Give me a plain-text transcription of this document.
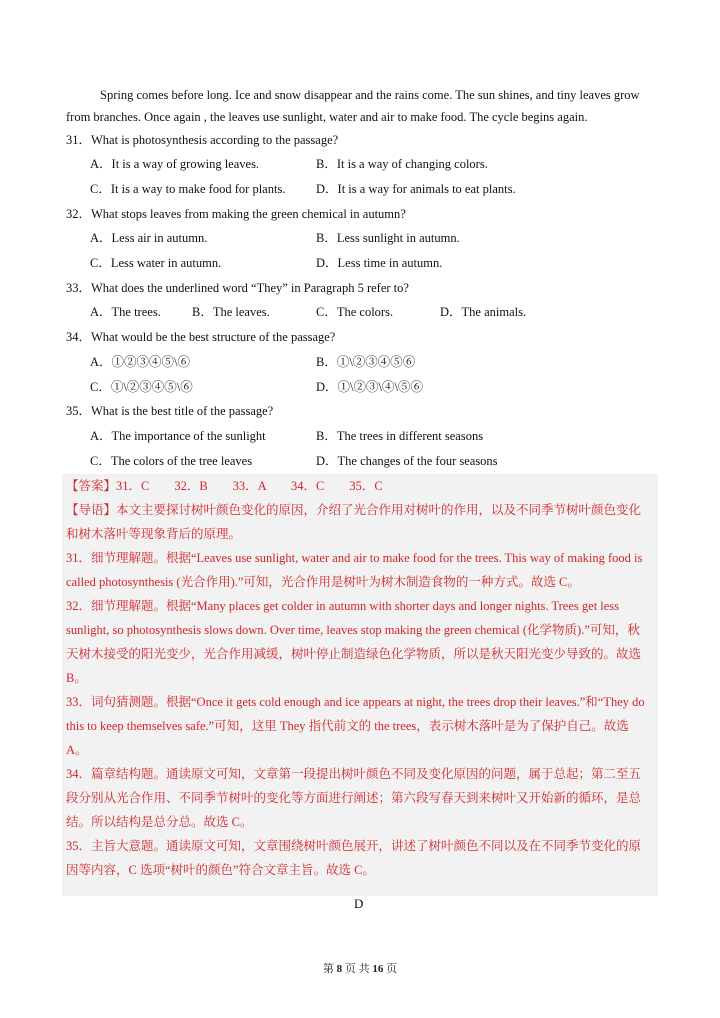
Spring comes before long. Ice and snow disappear and the rains come. The sun shines, and tiny leaves grow

from branches. Once again , the leaves use sunlight, water and air to make food. The cycle begins again.

31．What is photosynthesis according to the passage?
A．It is a way of growing leaves.	B．It is a way of changing colors.
C．It is a way to make food for plants. D．It is a way for animals to eat plants.
32．What stops leaves from making the green chemical in autumn?
A．Less air in autumn.	B．Less sunlight in autumn.
C．Less water in autumn.	D．Less time in autumn.
33．What does the underlined word “They” in Paragraph 5 refer to?
A．The trees. B．The leaves.	C．The colors.	D．The animals.
34．What would be the best structure of the passage?
A．①②③④⑤\⑥	B．①\②③④⑤⑥
C．①\②③④⑤\⑥	D．①\②③\④\⑤⑥
35．What is the best title of the passage?
A．The importance of the sunlight	B．The trees in different seasons
C．The colors of the tree leaves	D．The changes of the four seasons

【答案】31．C　　32．B　　33．A　　34．C　　35．C

【导语】本文主要探讨树叶颜色变化的原因，介绍了光合作用对树叶的作用，以及不同季节树叶颜色变化

和树木落叶等现象背后的原理。

31．细节理解题。根据“Leaves use sunlight, water and air to make food for the trees. This way of making food is

called photosynthesis (光合作用).”可知，光合作用是树叶为树木制造食物的一种方式。故选 C。

32．细节理解题。根据“Many places get colder in autumn with shorter days and longer nights. Trees get less

sunlight, so photosynthesis slows down. Over time, leaves stop making the green chemical (化学物质).”可知，秋

天树木接受的阳光变少，光合作用减缓，树叶停止制造绿色化学物质，所以是秋天阳光变少导致的。故选

B。

33．词句猜测题。根据“Once it gets cold enough and ice appears at night, the trees drop their leaves.”和“They do

this to keep themselves safe.”可知，这里 They 指代前文的 the trees，表示树木落叶是为了保护自己。故选

A。

34．篇章结构题。通读原文可知，文章第一段提出树叶颜色不同及变化原因的问题，属于总起；第二至五

段分别从光合作用、不同季节树叶的变化等方面进行阐述；第六段写春天到来树叶又开始新的循环，是总

结。所以结构是总分总。故选 C。

35．主旨大意题。通读原文可知，文章围绕树叶颜色展开，讲述了树叶颜色不同以及在不同季节变化的原

因等内容，C 选项“树叶的颜色”符合文章主旨。故选 C。

D
第 8 页 共 16 页
